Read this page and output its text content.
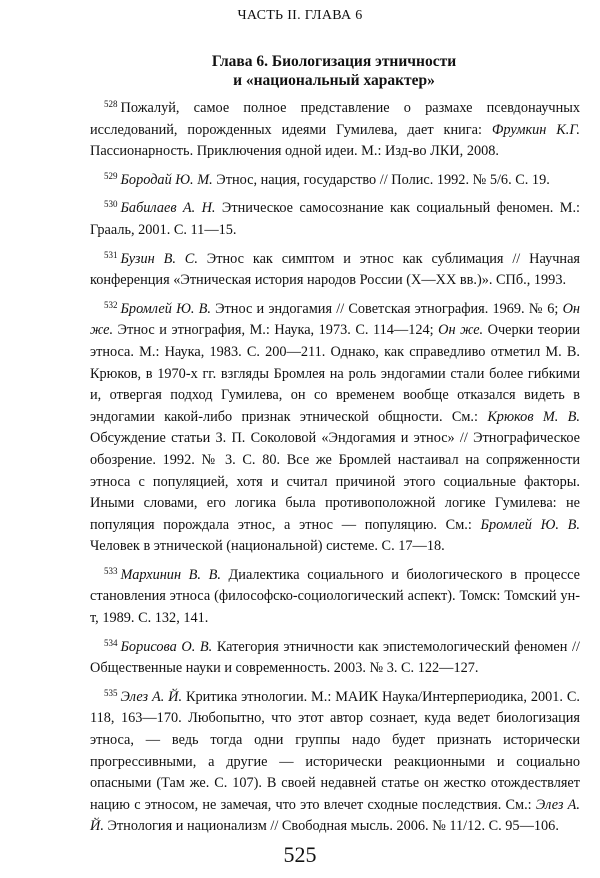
ЧАСТЬ II. ГЛАВА 6
Глава 6. Биологизация этничности
и «национальный характер»

$^{528}$ Пожалуй, самое полное представление о размахе псевдонаучных исследований, порожденных идеями Гумилева, дает книга: Фрумкин К.Г. Пассионарность. Приключения одной идеи. М.: Изд-во ЛКИ, 2008.

$^{529}$ Бородай Ю. М. Этнос, нация, государство // Полис. 1992. № 5/6. С. 19.

$^{530}$ Бабилаев А. Н. Этническое самосознание как социальный феномен. М.: Грааль, 2001. С. 11—15.

$^{531}$ Бузин В. С. Этнос как симптом и этнос как сублимация // Научная конференция «Этническая история народов России (X—XX вв.)». СПб., 1993.

$^{532}$ Бромлей Ю. В. Этнос и эндогамия // Советская этнография. 1969. № 6; Он же. Этнос и этнография, М.: Наука, 1973. С. 114—124; Он же. Очерки теории этноса. М.: Наука, 1983. С. 200—211. Однако, как справедливо отметил М. В. Крюков, в 1970-х гг. взгляды Бромлея на роль эндогамии стали более гибкими и, отвергая подход Гумилева, он со временем вообще отказался видеть в эндогамии какой-либо признак этнической общности. См.: Крюков М. В. Обсуждение статьи З. П. Соколовой «Эндогамия и этнос» // Этнографическое обозрение. 1992. № 3. С. 80. Все же Бромлей настаивал на сопряженности этноса с популяцией, хотя и считал причиной этого социальные факторы. Иными словами, его логика была противоположной логике Гумилева: не популяция порождала этнос, а этнос — популяцию. См.: Бромлей Ю. В. Человек в этнической (национальной) системе. С. 17—18.

$^{533}$ Мархинин В. В. Диалектика социального и биологического в процессе становления этноса (философско-социологический аспект). Томск: Томский ун-т, 1989. С. 132, 141.

$^{534}$ Борисова О. В. Категория этничности как эпистемологический феномен // Общественные науки и современность. 2003. № 3. С. 122—127.

$^{535}$ Элез А. Й. Критика этнологии. М.: МАИК Наука/Интерпериодика, 2001. С. 118, 163—170. Любопытно, что этот автор сознает, куда ведет биологизация этноса, — ведь тогда одни группы надо будет признать исторически прогрессивными, а другие — исторически реакционными и социально опасными (Там же. С. 107). В своей недавней статье он жестко отождествляет нацию с этносом, не замечая, что это влечет сходные последствия. См.: Элез А. Й. Этнология и национализм // Свободная мысль. 2006. № 11/12. С. 95—106.

525
